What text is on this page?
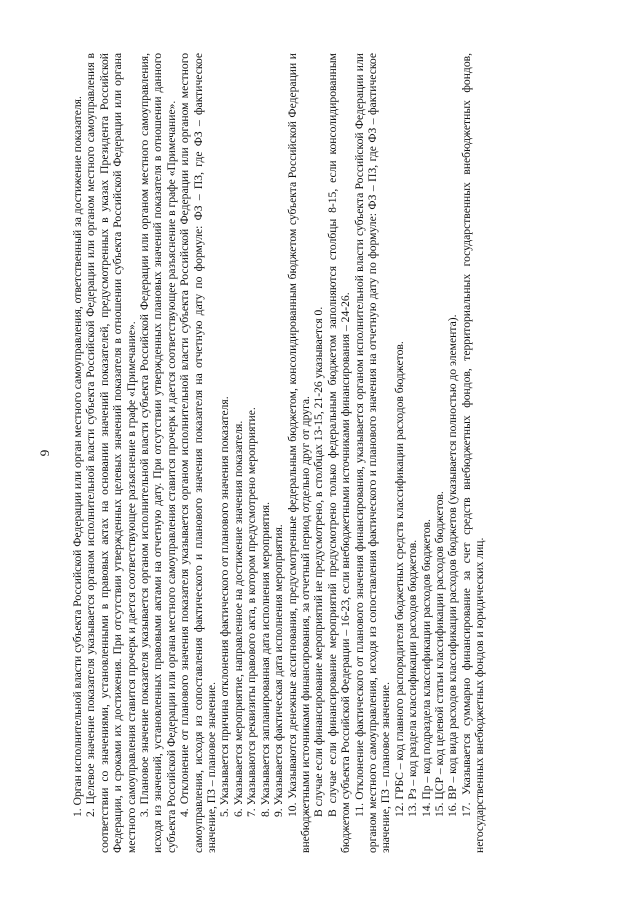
9 1. Орган исполнительной власти субъекта Российской Федерации или орган местного самоуправления, ответственный за достижение показателя. 2. Целевое значение показателя указывается органом исполнительной власти субъекта Российской Федерации или органом местного самоуправления в соответствии со значениями, установленными в правовых актах на основании значений показателей, предусмотренных в указах Президента Российской Федерации, и сроками их достижения. При отсутствии утвержденных целевых значений показателя в отношении субъекта Российской Федерации или органа местного самоуправления ставится прочерк и дается соответствующее разъяснение в графе «Примечание». 3. Плановое значение показателя указывается органом исполнительной власти субъекта Российской Федерации или органом местного самоуправления, исходя из значений, установленных правовыми актами на отчетную дату. При отсутствии утвержденных плановых значений показателя в отношении данного субъекта Российской Федерации или органа местного самоуправления ставится прочерк и дается соответствующее разъяснение в графе «Примечание». 4. Отклонение от планового значения показателя указывается органом исполнительной власти субъекта Российской Федерации или органом местного самоуправления, исходя из сопоставления фактического и планового значения показателя на отчетную дату по формуле: ФЗ – ПЗ, где ФЗ – фактическое значение, ПЗ – плановое значение. 5. Указывается причина отклонения фактического от планового значения показателя. 6. Указывается мероприятие, направленное на достижение значения показателя. 7. Указываются реквизиты правового акта, в котором предусмотрено мероприятие. 8. Указывается запланированная дата исполнения мероприятия. 9. Указывается фактическая дата исполнения мероприятия. 10. Указываются денежные ассигнования, предусмотренные федеральным бюджетом, консолидированным бюджетом субъекта Российской Федерации и внебюджетными источниками финансирования, за отчетный период отдельно друг от друга. В случае если финансирование мероприятий не предусмотрено, в столбцах 13-15, 21-26 указывается 0. В случае если финансирование мероприятий предусмотрено только федеральным бюджетом заполняются столбцы 8-15, если консолидированным бюджетом субъекта Российской Федерации – 16-23, если внебюджетными источниками финансирования – 24-26. 11. Отклонение фактического от планового значения финансирования, указывается органом исполнительной власти субъекта Российской Федерации или органом местного самоуправления, исходя из сопоставления фактического и планового значения на отчетную дату по формуле: ФЗ – ПЗ, где ФЗ – фактическое значение, ПЗ – плановое значение. 12. ГРБС – код главного распорядителя бюджетных средств классификации расходов бюджетов. 13. Рз – код раздела классификации расходов бюджетов. 14. Пр – код подраздела классификации расходов бюджетов. 15. ЦСР – код целевой статьи классификации расходов бюджетов. 16. ВР – код вида расходов классификации расходов бюджетов (указывается полностью до элемента). 17. Указывается суммарно финансирование за счет средств внебюджетных фондов, территориальных государственных внебюджетных фондов, негосударственных внебюджетных фондов и юридических лиц.
